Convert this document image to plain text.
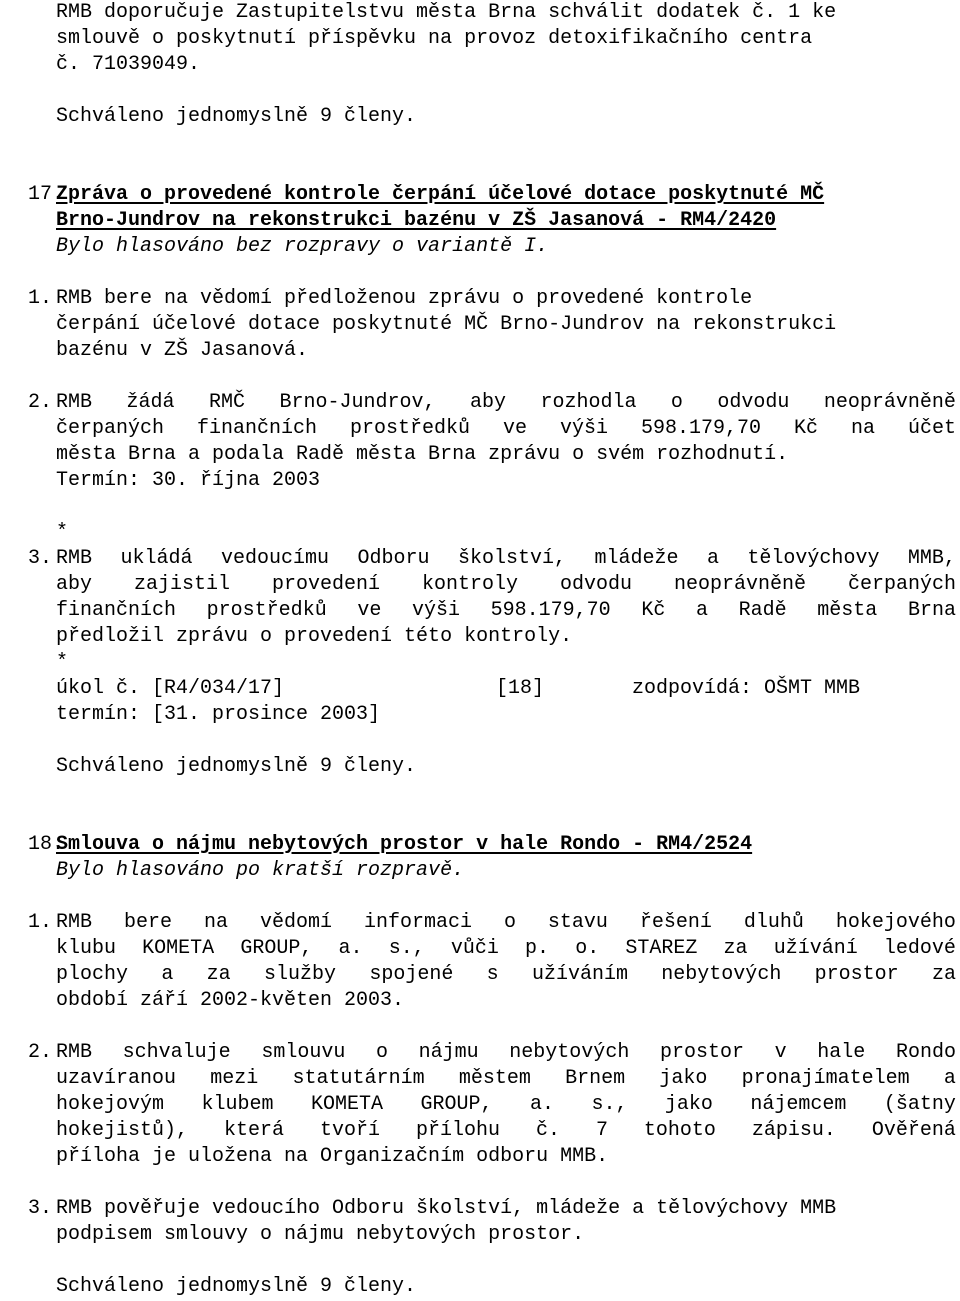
RMB doporučuje Zastupitelstvu města Brna schválit dodatek č. 1 ke

smlouvě o poskytnutí příspěvku na provoz detoxifikačního centra

č. 71039049.

Schváleno jednomyslně 9 členy.

17.

Zpráva o provedené kontrole čerpání účelové dotace poskytnuté MČ

Brno-Jundrov na rekonstrukci bazénu v ZŠ Jasanová - RM4/2420

Bylo hlasováno bez rozpravy o variantě I.

1. RMB bere na vědomí předloženou zprávu o provedené kontrole

čerpání účelové dotace poskytnuté MČ Brno-Jundrov na rekonstrukci

bazénu v ZŠ Jasanová.

2. RMB žádá RMČ Brno-Jundrov, aby rozhodla o odvodu neoprávněně
čerpaných finančních prostředků ve výši 598.179,70 Kč na účet

města Brna a podala Radě města Brna zprávu o svém rozhodnutí.

Termín: 30. října 2003

*

3. RMB ukládá vedoucímu Odboru školství, mládeže a tělovýchovy MMB,
aby zajistil provedení kontroly odvodu neoprávněně čerpaných
finančních prostředků ve výši 598.179,70 Kč a Radě města Brna

předložil zprávu o provedení této kontroly.

*

úkol č. [R4/034/17]	[18]	zodpovídá: OŠMT MMB

termín: [31. prosince 2003]

Schváleno jednomyslně 9 členy.

18.

Smlouva o nájmu nebytových prostor v hale Rondo - RM4/2524

Bylo hlasováno po kratší rozpravě.

1. RMB bere na vědomí informaci o stavu řešení dluhů hokejového
klubu KOMETA GROUP, a. s., vůči p. o. STAREZ za užívání ledové
plochy a za služby spojené s užíváním nebytových prostor za

období září 2002-květen 2003.

2. RMB schvaluje smlouvu o nájmu nebytových prostor v hale Rondo
uzavíranou mezi statutárním městem Brnem jako pronajímatelem a
hokejovým klubem KOMETA GROUP, a. s., jako nájemcem (šatny
hokejistů), která tvoří přílohu č. 7 tohoto zápisu. Ověřená

příloha je uložena na Organizačním odboru MMB.

3. RMB pověřuje vedoucího Odboru školství, mládeže a tělovýchovy MMB

podpisem smlouvy o nájmu nebytových prostor.

Schváleno jednomyslně 9 členy.
